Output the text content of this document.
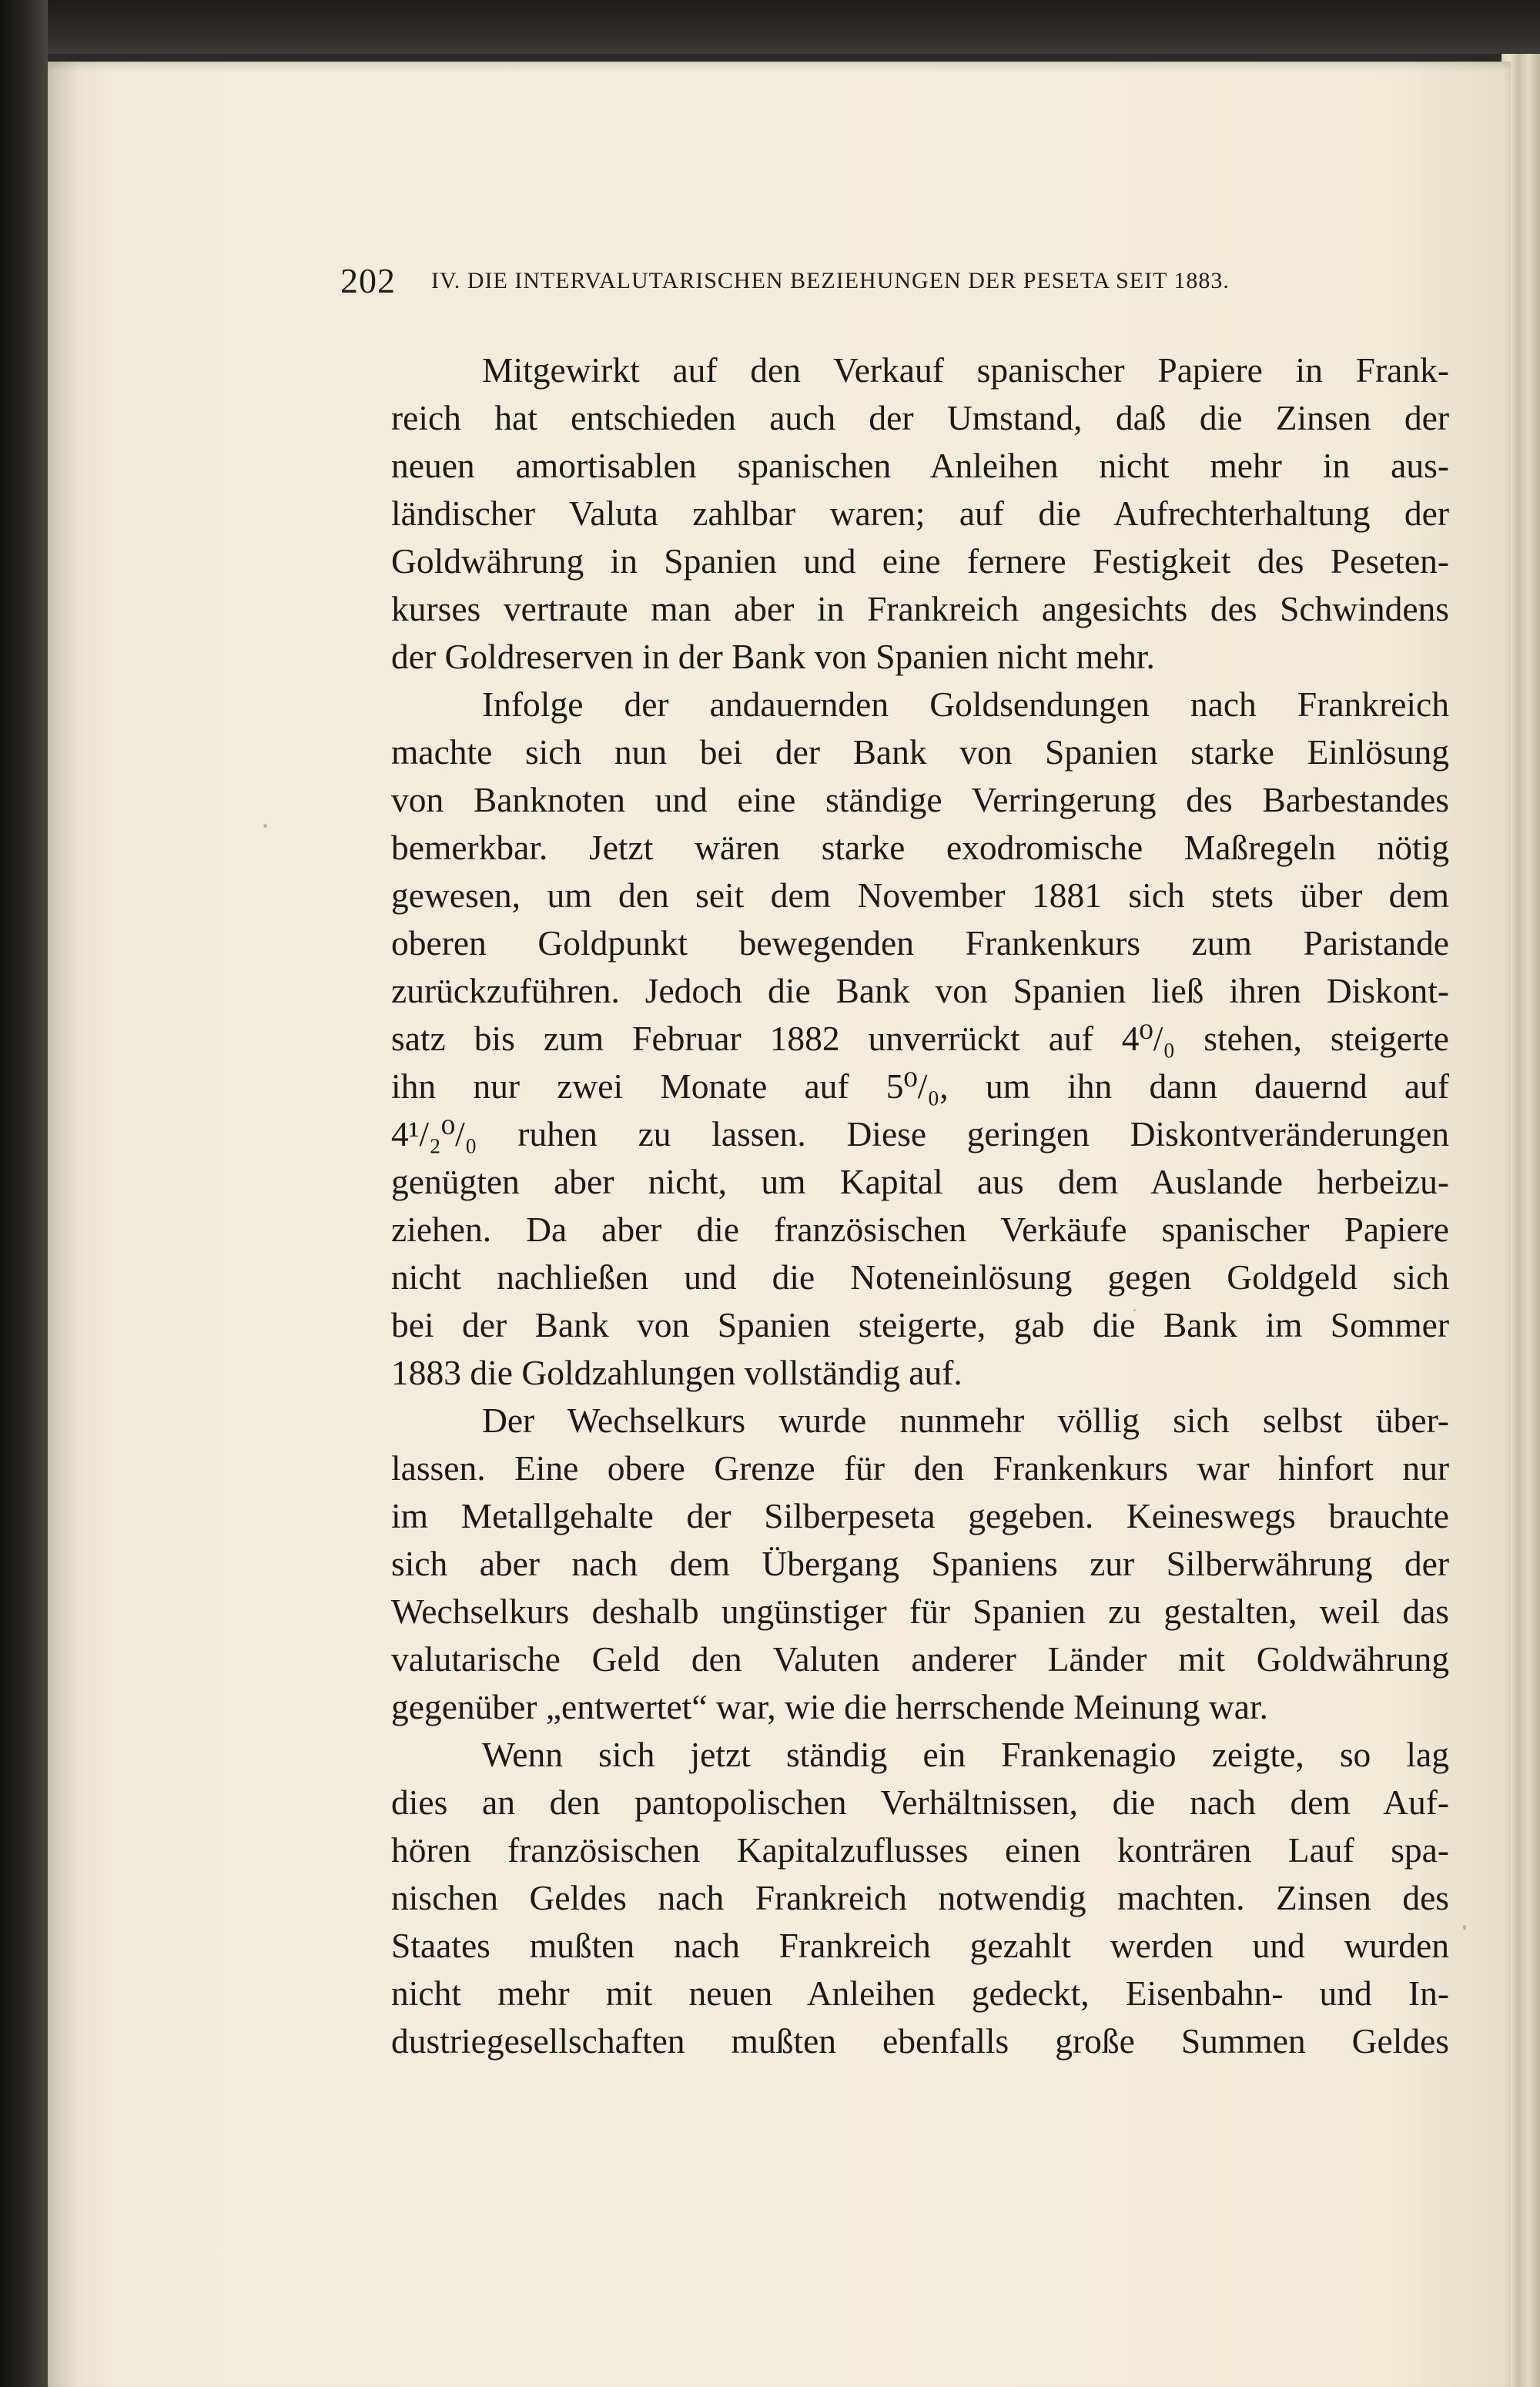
202 IV. DIE INTERVALUTARISCHEN BEZIEHUNGEN DER PESETA SEIT 1883.
Mitgewirkt auf den Verkauf spanischer Papiere in Frank-
reich hat entschieden auch der Umstand, daß die Zinsen der
neuen amortisablen spanischen Anleihen nicht mehr in aus-
ländischer Valuta zahlbar waren; auf die Aufrechterhaltung der
Goldwährung in Spanien und eine fernere Festigkeit des Peseten-
kurses vertraute man aber in Frankreich angesichts des Schwindens
der Goldreserven in der Bank von Spanien nicht mehr.
Infolge der andauernden Goldsendungen nach Frankreich
machte sich nun bei der Bank von Spanien starke Einlösung
von Banknoten und eine ständige Verringerung des Barbestandes
bemerkbar. Jetzt wären starke exodromische Maßregeln nötig
gewesen, um den seit dem November 1881 sich stets über dem
oberen Goldpunkt bewegenden Frankenkurs zum Paristande
zurückzuführen. Jedoch die Bank von Spanien ließ ihren Diskont-
satz bis zum Februar 1882 unverrückt auf 4⁰/₀ stehen, steigerte
ihn nur zwei Monate auf 5⁰/₀, um ihn dann dauernd auf
4¹/₂⁰/₀ ruhen zu lassen. Diese geringen Diskontveränderungen
genügten aber nicht, um Kapital aus dem Auslande herbeizu-
ziehen. Da aber die französischen Verkäufe spanischer Papiere
nicht nachließen und die Noteneinlösung gegen Goldgeld sich
bei der Bank von Spanien steigerte, gab die Bank im Sommer
1883 die Goldzahlungen vollständig auf.
Der Wechselkurs wurde nunmehr völlig sich selbst über-
lassen. Eine obere Grenze für den Frankenkurs war hinfort nur
im Metallgehalte der Silberpeseta gegeben. Keineswegs brauchte
sich aber nach dem Übergang Spaniens zur Silberwährung der
Wechselkurs deshalb ungünstiger für Spanien zu gestalten, weil das
valutarische Geld den Valuten anderer Länder mit Goldwährung
gegenüber „entwertet“ war, wie die herrschende Meinung war.
Wenn sich jetzt ständig ein Frankenagio zeigte, so lag
dies an den pantopolischen Verhältnissen, die nach dem Auf-
hören französischen Kapitalzuflusses einen konträren Lauf spa-
nischen Geldes nach Frankreich notwendig machten. Zinsen des
Staates mußten nach Frankreich gezahlt werden und wurden
nicht mehr mit neuen Anleihen gedeckt, Eisenbahn- und In-
dustriegesellschaften mußten ebenfalls große Summen Geldes
